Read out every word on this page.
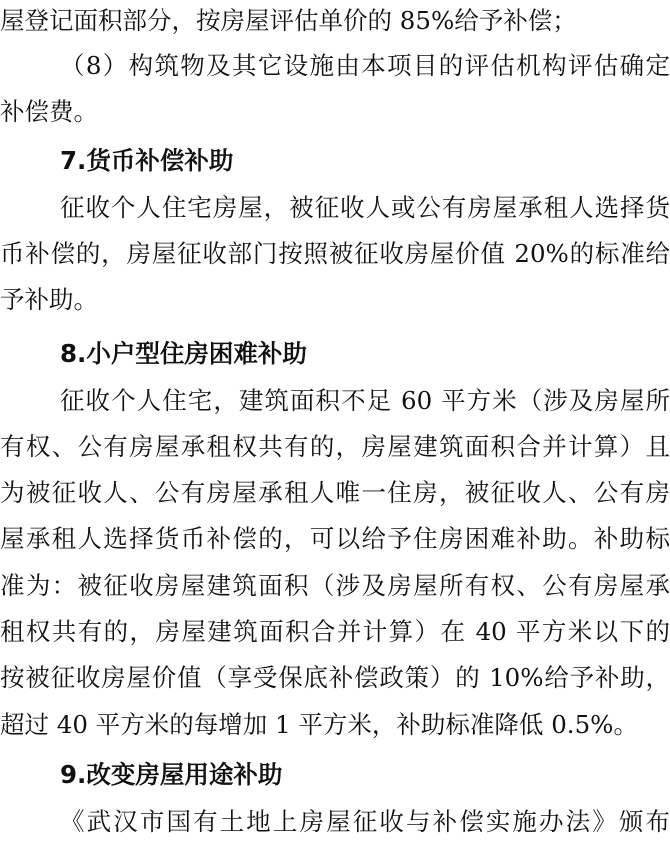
屋登记面积部分，按房屋评估单价的 85%给予补偿；
（8）构筑物及其它设施由本项目的评估机构评估确定
补偿费。
7.货币补偿补助
征收个人住宅房屋，被征收人或公有房屋承租人选择货
币补偿的，房屋征收部门按照被征收房屋价值 20%的标准给
予补助。
8.小户型住房困难补助
征收个人住宅，建筑面积不足 60 平方米（涉及房屋所
有权、公有房屋承租权共有的，房屋建筑面积合并计算）且
为被征收人、公有房屋承租人唯一住房，被征收人、公有房
屋承租人选择货币补偿的，可以给予住房困难补助。补助标
准为：被征收房屋建筑面积（涉及房屋所有权、公有房屋承
租权共有的，房屋建筑面积合并计算）在 40 平方米以下的
按被征收房屋价值（享受保底补偿政策）的 10%给予补助，
超过 40 平方米的每增加 1 平方米，补助标准降低 0.5%。
9.改变房屋用途补助
《武汉市国有土地上房屋征收与补偿实施办法》颁布
